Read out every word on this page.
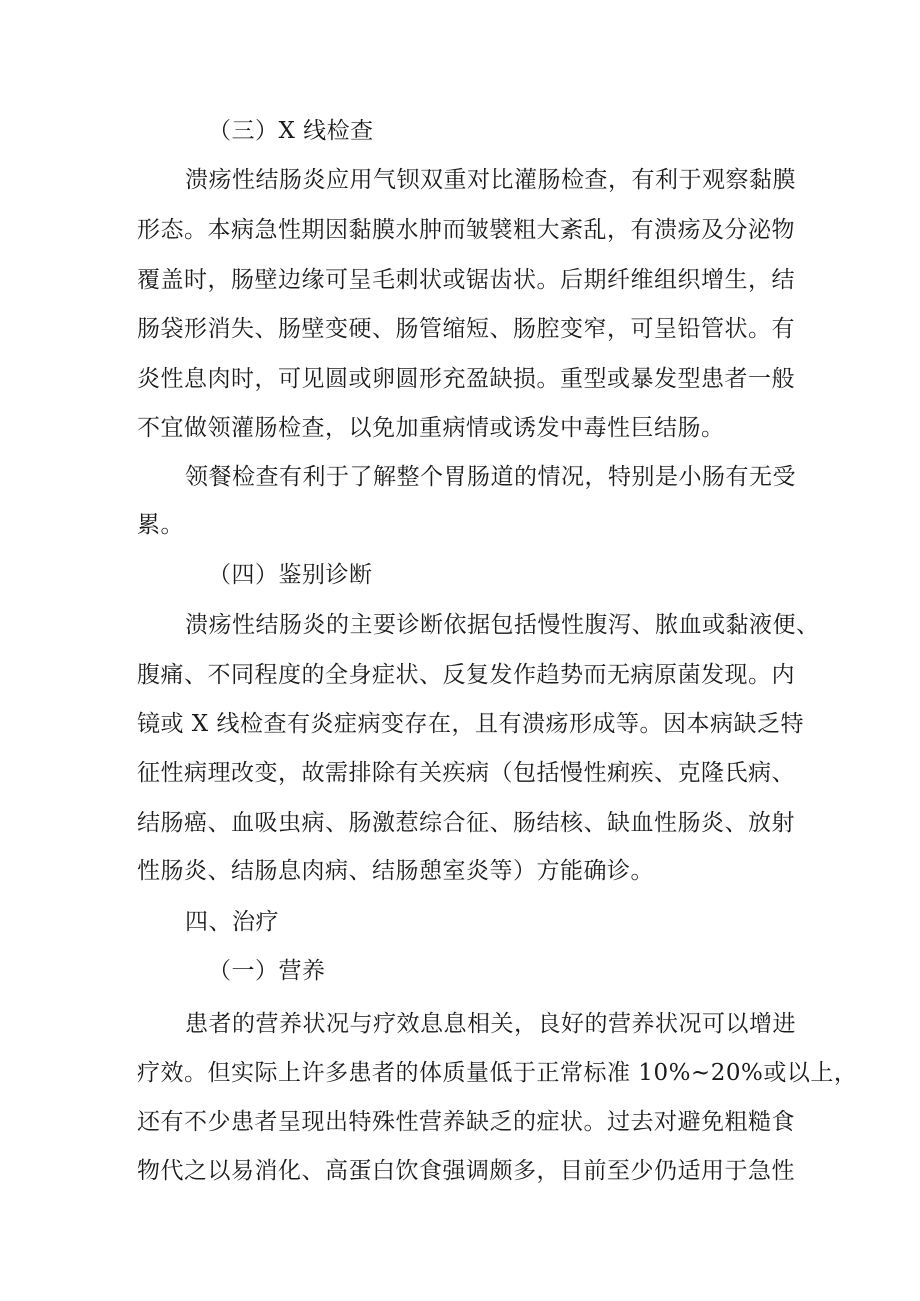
（三）X 线检查
溃疡性结肠炎应用气钡双重对比灌肠检查，有利于观察黏膜
形态。本病急性期因黏膜水肿而皱襞粗大紊乱，有溃疡及分泌物
覆盖时，肠壁边缘可呈毛刺状或锯齿状。后期纤维组织增生，结
肠袋形消失、肠壁变硬、肠管缩短、肠腔变窄，可呈铅管状。有
炎性息肉时，可见圆或卵圆形充盈缺损。重型或暴发型患者一般
不宜做领灌肠检查，以免加重病情或诱发中毒性巨结肠。
领餐检查有利于了解整个胃肠道的情况，特别是小肠有无受
累。
（四）鉴别诊断
溃疡性结肠炎的主要诊断依据包括慢性腹泻、脓血或黏液便、
腹痛、不同程度的全身症状、反复发作趋势而无病原菌发现。内
镜或 X 线检查有炎症病变存在，且有溃疡形成等。因本病缺乏特
征性病理改变，故需排除有关疾病（包括慢性痢疾、克隆氏病、
结肠癌、血吸虫病、肠激惹综合征、肠结核、缺血性肠炎、放射
性肠炎、结肠息肉病、结肠憩室炎等）方能确诊。
四、治疗
（一）营养
患者的营养状况与疗效息息相关，良好的营养状况可以增进
疗效。但实际上许多患者的体质量低于正常标准 10%~20%或以上，
还有不少患者呈现出特殊性营养缺乏的症状。过去对避免粗糙食
物代之以易消化、高蛋白饮食强调颇多，目前至少仍适用于急性
